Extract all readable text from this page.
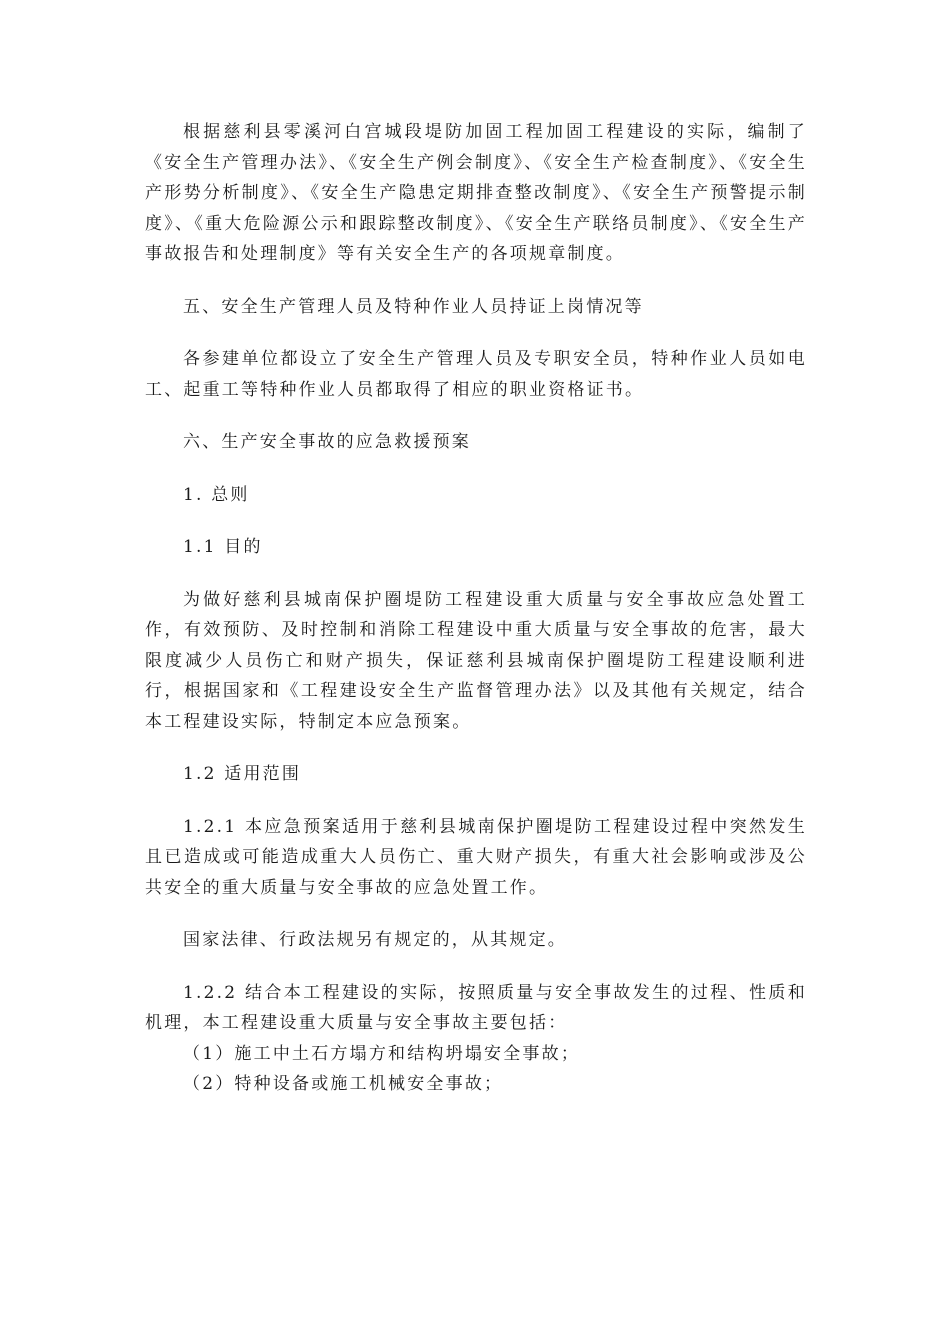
根据慈利县零溪河白宫城段堤防加固工程加固工程建设的实际，编制了《安全生产管理办法》、《安全生产例会制度》、《安全生产检查制度》、《安全生产形势分析制度》、《安全生产隐患定期排查整改制度》、《安全生产预警提示制度》、《重大危险源公示和跟踪整改制度》、《安全生产联络员制度》、《安全生产事故报告和处理制度》等有关安全生产的各项规章制度。

五、安全生产管理人员及特种作业人员持证上岗情况等

各参建单位都设立了安全生产管理人员及专职安全员，特种作业人员如电工、起重工等特种作业人员都取得了相应的职业资格证书。

六、生产安全事故的应急救援预案

1. 总则

1.1 目的

为做好慈利县城南保护圈堤防工程建设重大质量与安全事故应急处置工作，有效预防、及时控制和消除工程建设中重大质量与安全事故的危害，最大限度减少人员伤亡和财产损失，保证慈利县城南保护圈堤防工程建设顺利进行，根据国家和《工程建设安全生产监督管理办法》以及其他有关规定，结合本工程建设实际，特制定本应急预案。

1.2 适用范围

1.2.1 本应急预案适用于慈利县城南保护圈堤防工程建设过程中突然发生且已造成或可能造成重大人员伤亡、重大财产损失，有重大社会影响或涉及公共安全的重大质量与安全事故的应急处置工作。

国家法律、行政法规另有规定的，从其规定。

1.2.2 结合本工程建设的实际，按照质量与安全事故发生的过程、性质和机理，本工程建设重大质量与安全事故主要包括：

（1）施工中土石方塌方和结构坍塌安全事故；

（2）特种设备或施工机械安全事故；
